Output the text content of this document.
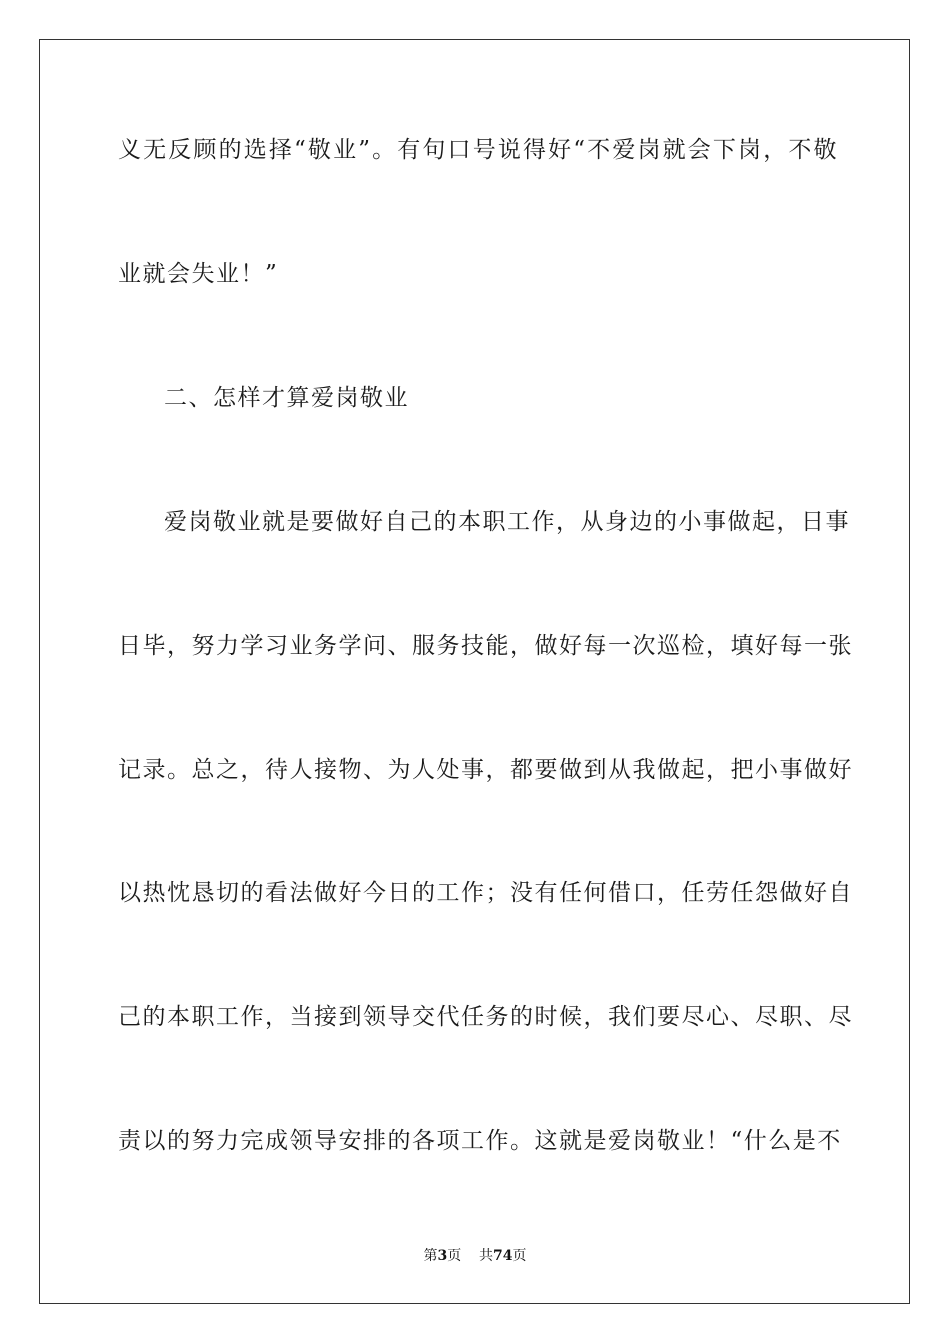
义无反顾的选择“敬业”。有句口号说得好“不爱岗就会下岗，不敬
业就会失业！”
二、怎样才算爱岗敬业
爱岗敬业就是要做好自己的本职工作，从身边的小事做起，日事
日毕，努力学习业务学问、服务技能，做好每一次巡检，填好每一张
记录。总之，待人接物、为人处事，都要做到从我做起，把小事做好
以热忱恳切的看法做好今日的工作；没有任何借口，任劳任怨做好自
己的本职工作，当接到领导交代任务的时候，我们要尽心、尽职、尽
责以的努力完成领导安排的各项工作。这就是爱岗敬业！“什么是不
第3页 共74页
